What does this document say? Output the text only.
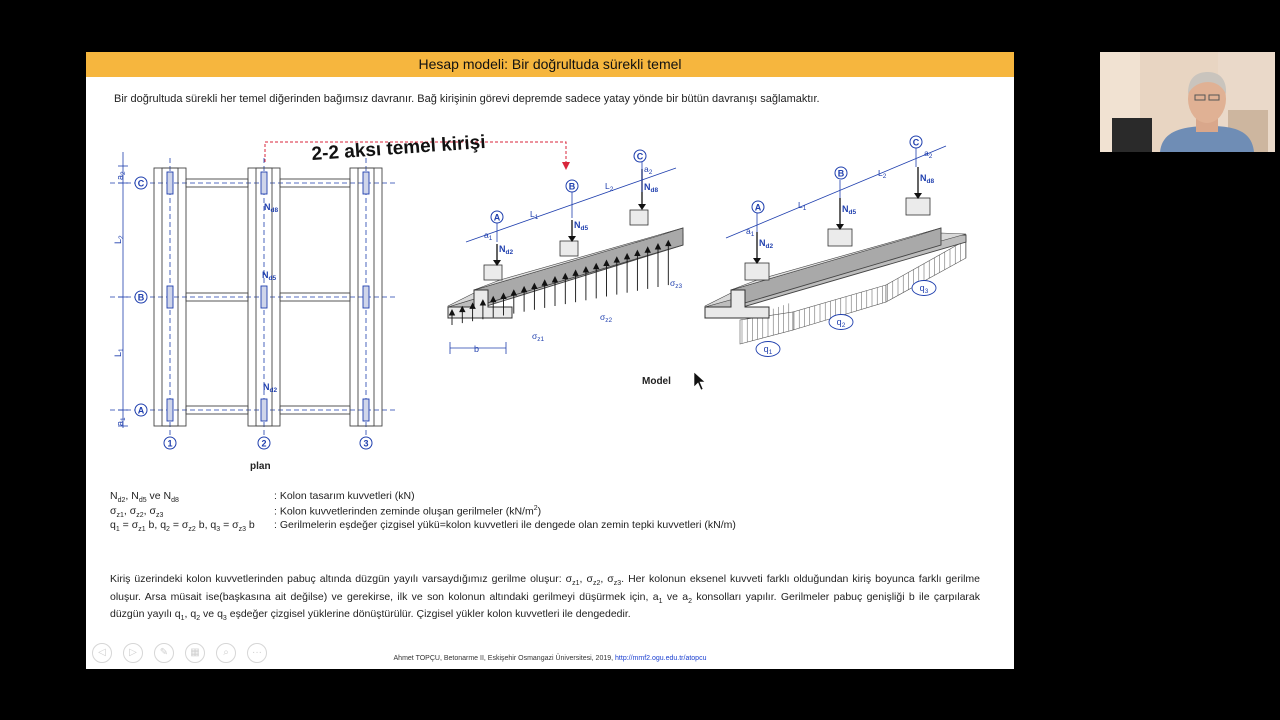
Hesap modeli: Bir doğrultuda sürekli temel
Bir doğrultuda sürekli her temel diğerinden bağımsız davranır. Bağ kirişinin görevi depremde sadece yatay yönde bir bütün davranışı sağlamaktır.
C
B
A
1	2	3
$a_2$
$L_2$
$L_1$
$a_1$
$N_{d8}$
$N_{d5}$
$N_{d2}$
plan
2-2 aksı temel kirişi
A
B
C
$a_1$
$L_1$
$L_2$
$a_2$
$N_{d2}$
$N_{d5}$
$N_{d8}$
$\sigma_{z1}$
$\sigma_{z2}$
$\sigma_{z3}$
b
A
B
C
$a_1$
$L_1$
$L_2$
$a_2$
$N_{d2}$
$N_{d5}$
$N_{d8}$
$q_1$
$q_2$
$q_3$
Model
$N_{d2}$, $N_{d5}$ ve $N_{d8}$	: Kolon tasarım kuvvetleri (kN)
$\sigma_{z1}$, $\sigma_{z2}$, $\sigma_{z3}$	: Kolon kuvvetlerinden zeminde oluşan gerilmeler $(kN/m^2)$
$q_1 = \sigma_{z1}$ b, $q_2 = \sigma_{z2}$ b, $q_3 = \sigma_{z3}$ b : Gerilmelerin eşdeğer çizgisel yükü=kolon kuvvetleri ile dengede olan zemin tepki kuvvetleri (kN/m)
Kiriş üzerindeki kolon kuvvetlerinden pabuç altında düzgün yayılı varsaydığımız gerilme oluşur: $\sigma_{z1}$, $\sigma_{z2}$, $\sigma_{z3}$. Her kolonun eksenel kuvveti farklı olduğundan kiriş boyunca farklı gerilme oluşur. Arsa müsait ise(başkasına ait değilse) ve gerekirse, ilk ve son kolonun altındaki gerilmeyi düşürmek için, $a_1$ ve $a_2$ konsolları yapılır. Gerilmeler pabuç genişliği b ile çarpılarak düzgün yayılı $q_1$, $q_2$ ve $q_3$ eşdeğer çizgisel yüklerine dönüştürülür. Çizgisel yükler kolon kuvvetleri ile dengededir.
Ahmet TOPÇU, Betonarme II, Eskişehir Osmangazi Üniversitesi, 2019, http://mmf2.ogu.edu.tr/atopcu
◁	▷	✎	▦	⌕	···
